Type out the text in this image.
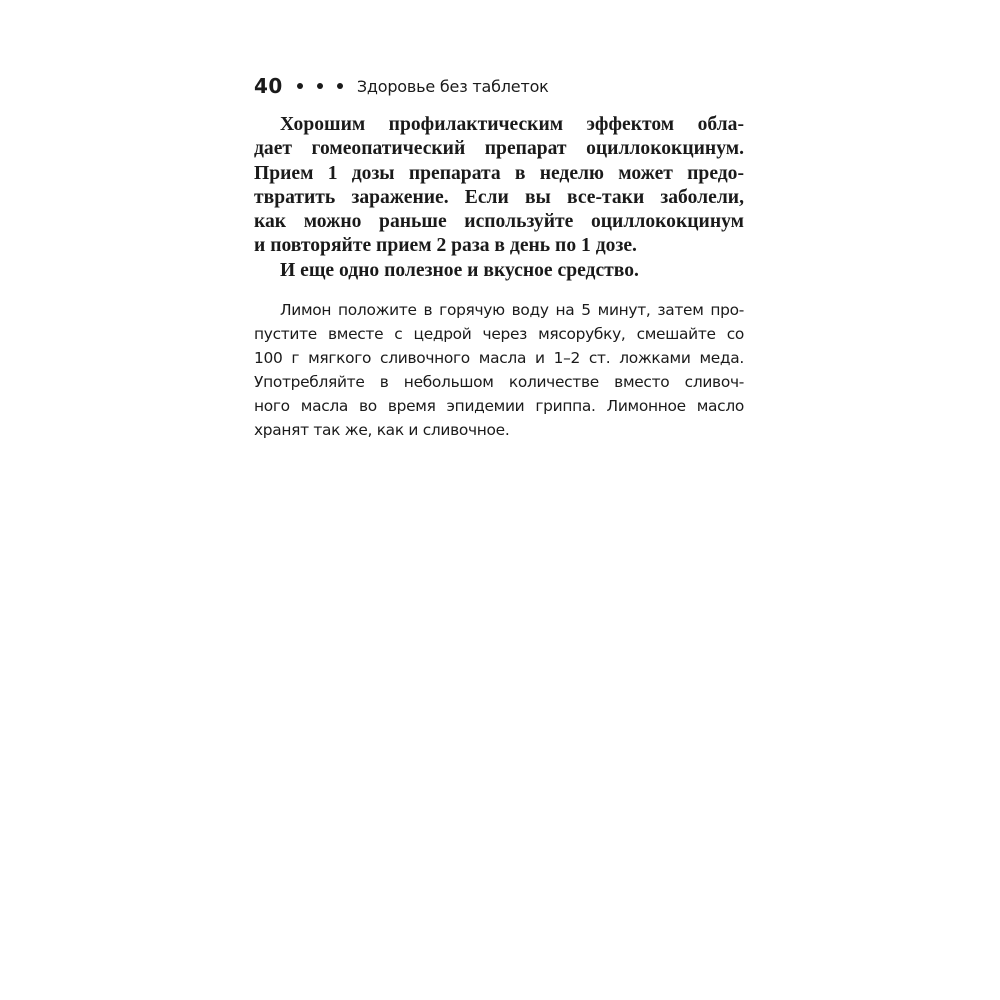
40	Здоровье без таблеток
Хорошим профилактическим эффектом обла-
дает гомеопатический препарат оциллококцинум.
Прием 1 дозы препарата в неделю может предо-
твратить заражение. Если вы все-таки заболели,
как можно раньше используйте оциллококцинум
и повторяйте прием 2 раза в день по 1 дозе.
И еще одно полезное и вкусное средство.
Лимон положите в горячую воду на 5 минут, затем про-
пустите вместе с цедрой через мясорубку, смешайте со
100 г мягкого сливочного масла и 1–2 ст. ложками меда.
Употребляйте в небольшом количестве вместо сливоч-
ного масла во время эпидемии гриппа. Лимонное масло
хранят так же, как и сливочное.
